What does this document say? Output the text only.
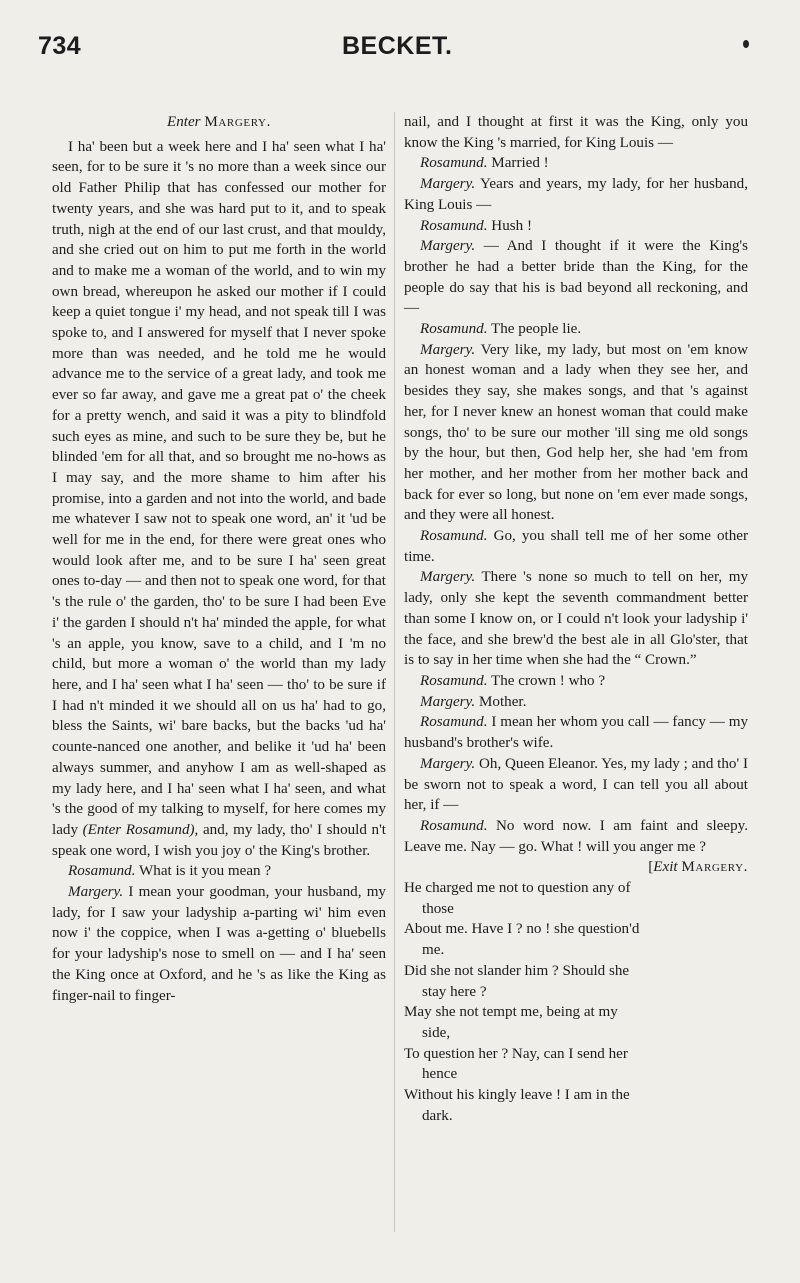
734	BECKET.

Enter Margery.

I ha' been but a week here and I ha' seen what I ha' seen, for to be sure it 's no more than a week since our old Father Philip that has confessed our mother for twenty years, and she was hard put to it, and to speak truth, nigh at the end of our last crust, and that mouldy, and she cried out on him to put me forth in the world and to make me a woman of the world, and to win my own bread, whereupon he asked our mother if I could keep a quiet tongue i' my head, and not speak till I was spoke to, and I answered for myself that I never spoke more than was needed, and he told me he would advance me to the service of a great lady, and took me ever so far away, and gave me a great pat o' the cheek for a pretty wench, and said it was a pity to blindfold such eyes as mine, and such to be sure they be, but he blinded 'em for all that, and so brought me no-hows as I may say, and the more shame to him after his promise, into a garden and not into the world, and bade me whatever I saw not to speak one word, an' it 'ud be well for me in the end, for there were great ones who would look after me, and to be sure I ha' seen great ones to-day — and then not to speak one word, for that 's the rule o' the garden, tho' to be sure I had been Eve i' the garden I should n't ha' minded the apple, for what 's an apple, you know, save to a child, and I 'm no child, but more a woman o' the world than my lady here, and I ha' seen what I ha' seen — tho' to be sure if I had n't minded it we should all on us ha' had to go, bless the Saints, wi' bare backs, but the backs 'ud ha' counte-nanced one another, and belike it 'ud ha' been always summer, and anyhow I am as well-shaped as my lady here, and I ha' seen what I ha' seen, and what 's the good of my talking to myself, for here comes my lady (Enter Rosamund), and, my lady, tho' I should n't speak one word, I wish you joy o' the King's brother.

Rosamund. What is it you mean ?

Margery. I mean your goodman, your husband, my lady, for I saw your ladyship a-parting wi' him even now i' the coppice, when I was a-getting o' bluebells for your ladyship's nose to smell on — and I ha' seen the King once at Oxford, and he 's as like the King as finger-nail to finger-

nail, and I thought at first it was the King, only you know the King 's married, for King Louis —

Rosamund. Married !

Margery. Years and years, my lady, for her husband, King Louis —

Rosamund. Hush !

Margery. — And I thought if it were the King's brother he had a better bride than the King, for the people do say that his is bad beyond all reckoning, and —

Rosamund. The people lie.

Margery. Very like, my lady, but most on 'em know an honest woman and a lady when they see her, and besides they say, she makes songs, and that 's against her, for I never knew an honest woman that could make songs, tho' to be sure our mother 'ill sing me old songs by the hour, but then, God help her, she had 'em from her mother, and her mother from her mother back and back for ever so long, but none on 'em ever made songs, and they were all honest.

Rosamund. Go, you shall tell me of her some other time.

Margery. There 's none so much to tell on her, my lady, only she kept the seventh commandment better than some I know on, or I could n't look your ladyship i' the face, and she brew'd the best ale in all Glo'ster, that is to say in her time when she had the “ Crown.”

Rosamund. The crown ! who ?

Margery. Mother.

Rosamund. I mean her whom you call — fancy — my husband's brother's wife.

Margery. Oh, Queen Eleanor. Yes, my lady ; and tho' I be sworn not to speak a word, I can tell you all about her, if —

Rosamund. No word now. I am faint and sleepy. Leave me. Nay — go. What ! will you anger me ?

[Exit Margery.

He charged me not to question any of

those

About me. Have I ? no ! she question'd

me.

Did she not slander him ? Should she

stay here ?

May she not tempt me, being at my

side,

To question her ? Nay, can I send her

hence

Without his kingly leave ! I am in the

dark.
